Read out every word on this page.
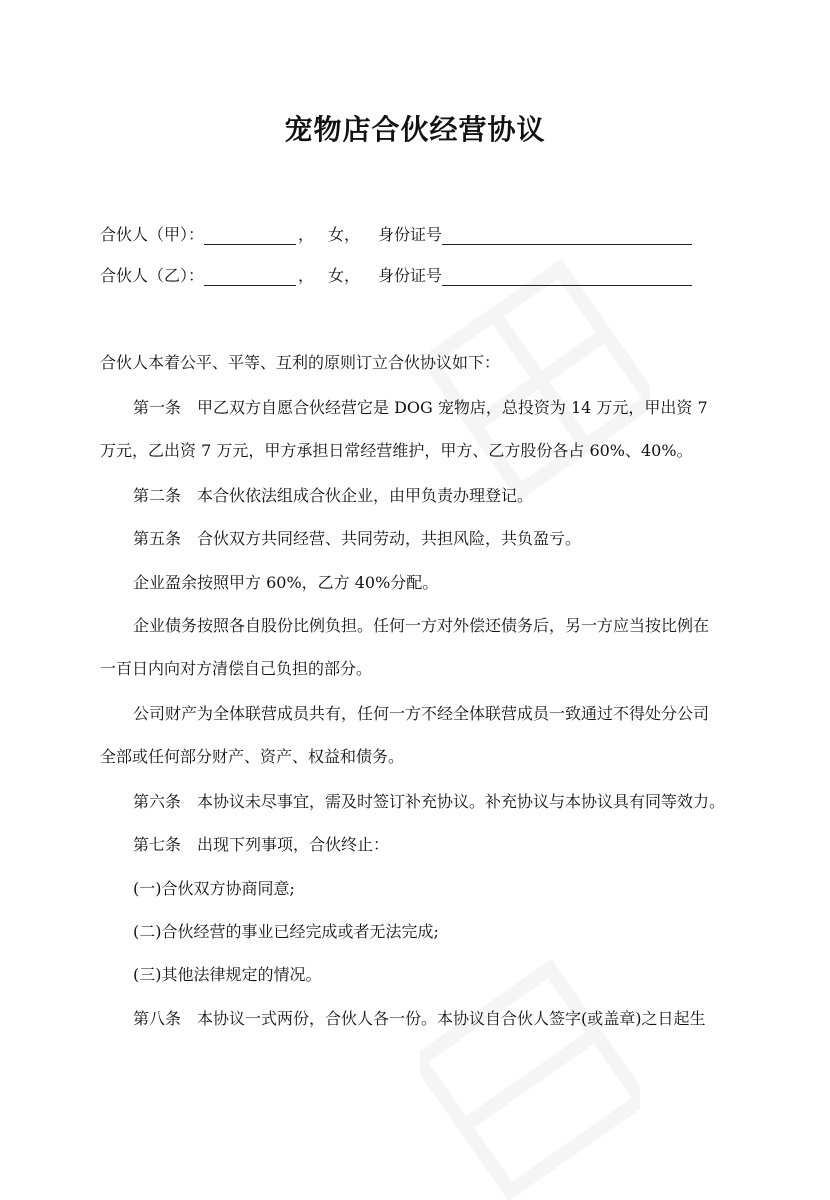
宠物店合伙经营协议
合伙人（甲）：	， 女， 身份证号
合伙人（乙）：	， 女， 身份证号
合伙人本着公平、平等、互利的原则订立合伙协议如下：
第一条　甲乙双方自愿合伙经营它是 DOG 宠物店，总投资为 14 万元，甲出资 7
万元，乙出资 7 万元，甲方承担日常经营维护，甲方、乙方股份各占 60%、40%。
第二条　本合伙依法组成合伙企业，由甲负责办理登记。
第五条　合伙双方共同经营、共同劳动，共担风险，共负盈亏。
企业盈余按照甲方 60%，乙方 40%分配。
企业债务按照各自股份比例负担。任何一方对外偿还债务后，另一方应当按比例在
一百日内向对方清偿自己负担的部分。
公司财产为全体联营成员共有，任何一方不经全体联营成员一致通过不得处分公司
全部或任何部分财产、资产、权益和债务。
第六条　本协议未尽事宜，需及时签订补充协议。补充协议与本协议具有同等效力。
第七条　出现下列事项，合伙终止：
(一)合伙双方协商同意;
(二)合伙经营的事业已经完成或者无法完成;
(三)其他法律规定的情况。
第八条　本协议一式两份，合伙人各一份。本协议自合伙人签字(或盖章)之日起生
